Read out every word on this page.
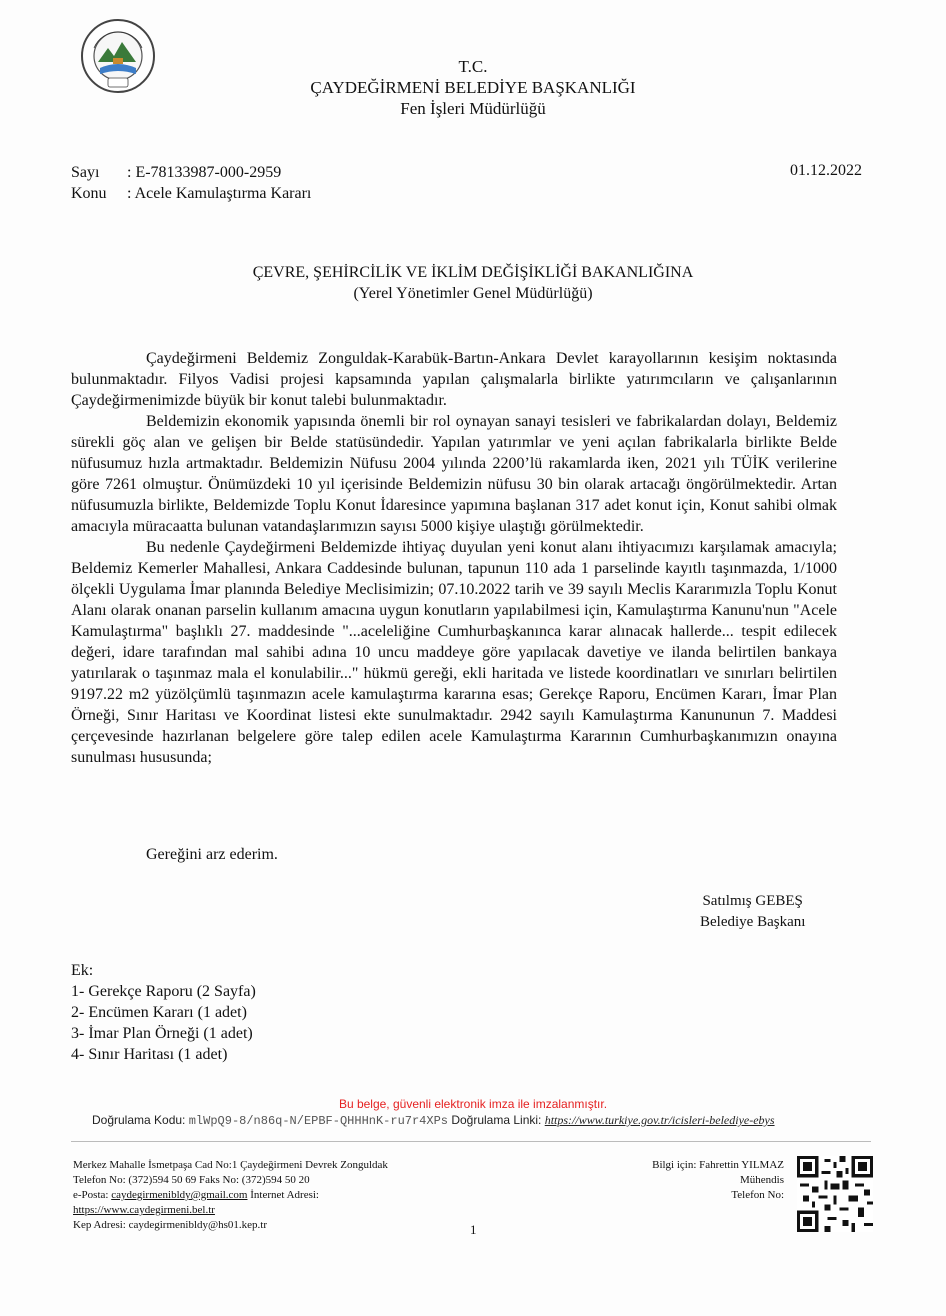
T.C.
ÇAYDEĞİRMENİ BELEDİYE BAŞKANLIĞI
Fen İşleri Müdürlüğü
Sayı : E-78133987-000-2959
Konu : Acele Kamulaştırma Kararı
01.12.2022
ÇEVRE, ŞEHİRCİLİK VE İKLİM DEĞİŞİKLİĞİ BAKANLIĞINA
(Yerel Yönetimler Genel Müdürlüğü)

Çaydeğirmeni Beldemiz Zonguldak-Karabük-Bartın-Ankara Devlet karayollarının kesişim noktasında bulunmaktadır. Filyos Vadisi projesi kapsamında yapılan çalışmalarla birlikte yatırımcıların ve çalışanlarının Çaydeğirmenimizde büyük bir konut talebi bulunmaktadır.

Beldemizin ekonomik yapısında önemli bir rol oynayan sanayi tesisleri ve fabrikalardan dolayı, Beldemiz sürekli göç alan ve gelişen bir Belde statüsündedir. Yapılan yatırımlar ve yeni açılan fabrikalarla birlikte Belde nüfusumuz hızla artmaktadır. Beldemizin Nüfusu 2004 yılında 2200’lü rakamlarda iken, 2021 yılı TÜİK verilerine göre 7261 olmuştur. Önümüzdeki 10 yıl içerisinde Beldemizin nüfusu 30 bin olarak artacağı öngörülmektedir. Artan nüfusumuzla birlikte, Beldemizde Toplu Konut İdaresince yapımına başlanan 317 adet konut için, Konut sahibi olmak amacıyla müracaatta bulunan vatandaşlarımızın sayısı 5000 kişiye ulaştığı görülmektedir.

Bu nedenle Çaydeğirmeni Beldemizde ihtiyaç duyulan yeni konut alanı ihtiyacımızı karşılamak amacıyla; Beldemiz Kemerler Mahallesi, Ankara Caddesinde bulunan, tapunun 110 ada 1 parselinde kayıtlı taşınmazda, 1/1000 ölçekli Uygulama İmar planında Belediye Meclisimizin; 07.10.2022 tarih ve 39 sayılı Meclis Kararımızla Toplu Konut Alanı olarak onanan parselin kullanım amacına uygun konutların yapılabilmesi için, Kamulaştırma Kanunu'nun "Acele Kamulaştırma" başlıklı 27. maddesinde "...aceleliğine Cumhurbaşkanınca karar alınacak hallerde... tespit edilecek değeri, idare tarafından mal sahibi adına 10 uncu maddeye göre yapılacak davetiye ve ilanda belirtilen bankaya yatırılarak o taşınmaz mala el konulabilir..." hükmü gereği, ekli haritada ve listede koordinatları ve sınırları belirtilen 9197.22 m2 yüzölçümlü taşınmazın acele kamulaştırma kararına esas; Gerekçe Raporu, Encümen Kararı, İmar Plan Örneği, Sınır Haritası ve Koordinat listesi ekte sunulmaktadır. 2942 sayılı Kamulaştırma Kanununun 7. Maddesi çerçevesinde hazırlanan belgelere göre talep edilen acele Kamulaştırma Kararının Cumhurbaşkanımızın onayına sunulması hususunda;

Gereğini arz ederim.
Satılmış GEBEŞ
Belediye Başkanı
Ek:
1- Gerekçe Raporu (2 Sayfa)
2- Encümen Kararı (1 adet)
3- İmar Plan Örneği (1 adet)
4- Sınır Haritası (1 adet)
Bu belge, güvenli elektronik imza ile imzalanmıştır.
Doğrulama Kodu: mlWpQ9-8/n86q-N/EPBF-QHHHnK-ru7r4XPs Doğrulama Linki: https://www.turkiye.gov.tr/icisleri-belediye-ebys
Merkez Mahalle İsmetpaşa Cad No:1 Çaydeğirmeni Devrek Zonguldak
Telefon No: (372)594 50 69 Faks No: (372)594 50 20
e-Posta: caydegirmenibldy@gmail.com İnternet Adresi:
https://www.caydegirmeni.bel.tr
Kep Adresi: caydegirmenibldy@hs01.kep.tr
Bilgi için: Fahrettin YILMAZ
Mühendis
Telefon No:
1
